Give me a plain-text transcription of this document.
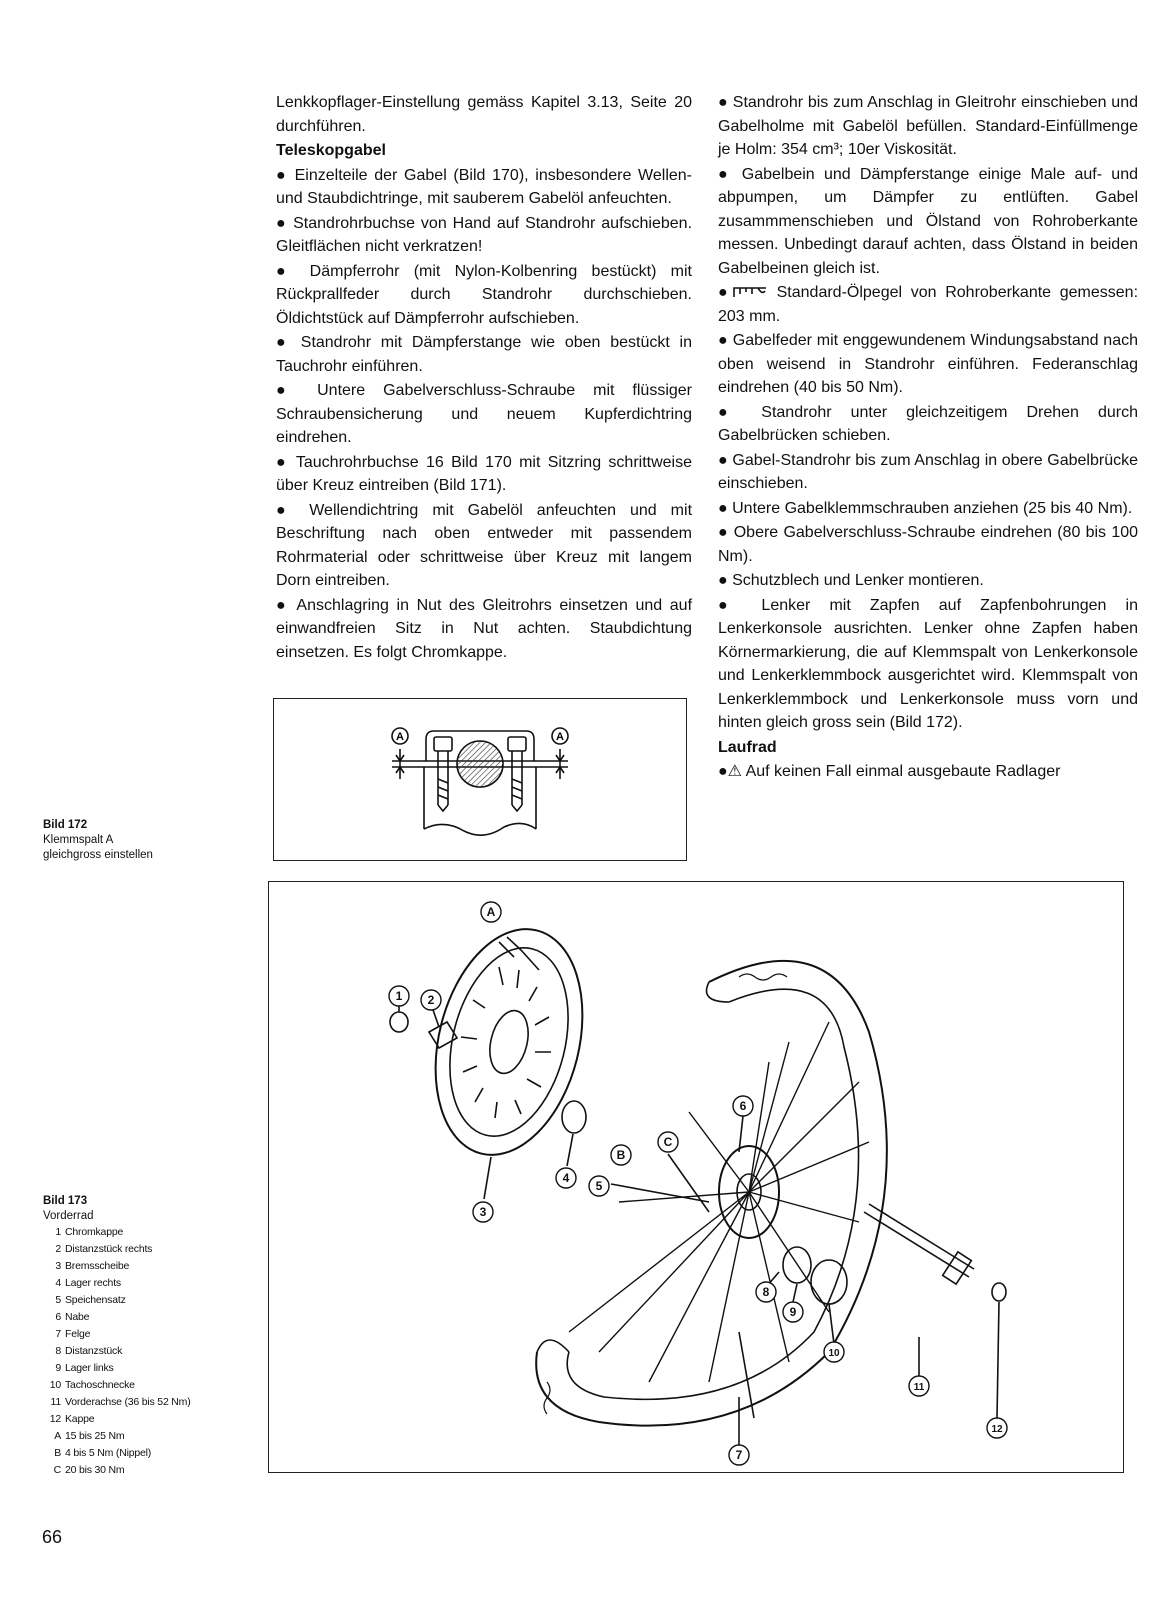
Lenkkopflager-Einstellung gemäss Kapitel 3.13, Seite 20 durchführen.

Teleskopgabel

● Einzelteile der Gabel (Bild 170), insbesondere Wellen- und Staubdichtringe, mit sauberem Gabelöl anfeuchten.

● Standrohrbuchse von Hand auf Standrohr aufschieben. Gleitflächen nicht verkratzen!

● Dämpferrohr (mit Nylon-Kolbenring bestückt) mit Rückprallfeder durch Standrohr durchschieben. Öldichtstück auf Dämpferrohr aufschieben.

● Standrohr mit Dämpferstange wie oben bestückt in Tauchrohr einführen.

● Untere Gabelverschluss-Schraube mit flüssiger Schraubensicherung und neuem Kupferdichtring eindrehen.

● Tauchrohrbuchse 16 Bild 170 mit Sitzring schrittweise über Kreuz eintreiben (Bild 171).

● Wellendichtring mit Gabelöl anfeuchten und mit Beschriftung nach oben entweder mit passendem Rohrmaterial oder schrittweise über Kreuz mit langem Dorn eintreiben.

● Anschlagring in Nut des Gleitrohrs einsetzen und auf einwandfreien Sitz in Nut achten. Staubdichtung einsetzen. Es folgt Chromkappe.

● Standrohr bis zum Anschlag in Gleitrohr einschieben und Gabelholme mit Gabelöl befüllen. Standard-Einfüllmenge je Holm: 354 cm³; 10er Viskosität.

● Gabelbein und Dämpferstange einige Male auf- und abpumpen, um Dämpfer zu entlüften. Gabel zusammmenschieben und Ölstand von Rohroberkante messen. Unbedingt darauf achten, dass Ölstand in beiden Gabelbeinen gleich ist.

●	Standard-Ölpegel von Rohroberkante gemessen: 203 mm.

● Gabelfeder mit enggewundenem Windungsabstand nach oben weisend in Standrohr einführen. Federanschlag eindrehen (40 bis 50 Nm).

● Standrohr unter gleichzeitigem Drehen durch Gabelbrücken schieben.

● Gabel-Standrohr bis zum Anschlag in obere Gabelbrücke einschieben.

● Untere Gabelklemmschrauben anziehen (25 bis 40 Nm).

● Obere Gabelverschluss-Schraube eindrehen (80 bis 100 Nm).

● Schutzblech und Lenker montieren.

● Lenker mit Zapfen auf Zapfenbohrungen in Lenkerkonsole ausrichten. Lenker ohne Zapfen haben Körnermarkierung, die auf Klemmspalt von Lenkerkonsole und Lenkerklemmbock ausgerichtet wird. Klemmspalt von Lenkerklemmbock und Lenkerkonsole muss vorn und hinten gleich gross sein (Bild 172).

Laufrad

●⚠ Auf keinen Fall einmal ausgebaute Radlager

Bild 172
Klemmspalt A
gleichgross einstellen
A	A
Bild 173
Vorderrad
1 Chromkappe
2 Distanzstück rechts
3 Bremsscheibe
4 Lager rechts
5 Speichensatz
6 Nabe
7 Felge
8 Distanzstück
9 Lager links
10 Tachoschnecke
11 Vorderachse (36 bis 52 Nm)
12 Kappe
A 15 bis 25 Nm
B 4 bis 5 Nm (Nippel)
C 20 bis 30 Nm
1 2
3
4
5
6
7
8
9
10
11
12
A
B
C
66
